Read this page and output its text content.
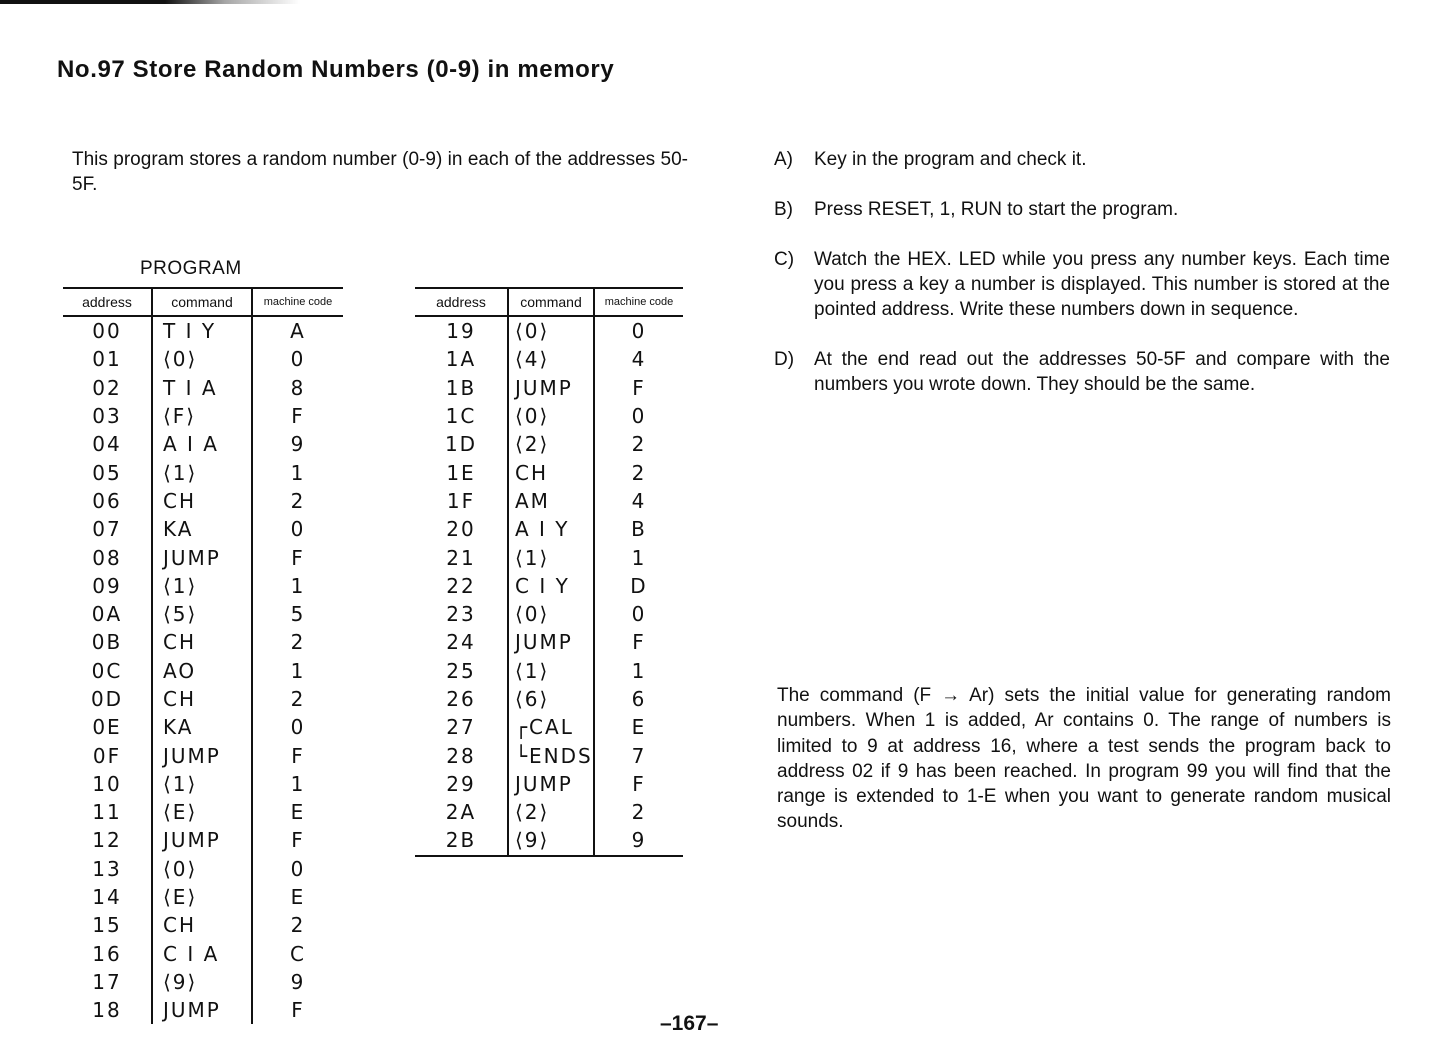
No.97 Store Random Numbers (0-9) in memory

This program stores a random number (0-9) in each of the addresses 50-5F.

PROGRAM
address	command	machine code
00	T I Y	A
01	⟨0⟩	0
02	T I A	8
03	⟨F⟩	F
04	A I A	9
05	⟨1⟩	1
06	CH	2
07	KA	0
08	JUMP	F
09	⟨1⟩	1
0A	⟨5⟩	5
0B	CH	2
0C	AO	1
0D	CH	2
0E	KA	0
0F	JUMP	F
10	⟨1⟩	1
11	⟨E⟩	E
12	JUMP	F
13	⟨0⟩	0
14	⟨E⟩	E
15	CH	2
16	C I A	C
17	⟨9⟩	9
18	JUMP	F
address	command	machine code
19	⟨0⟩	0
1A	⟨4⟩	4
1B	JUMP	F
1C	⟨0⟩	0
1D	⟨2⟩	2
1E	CH	2
1F	AM	4
20	A I Y	B
21	⟨1⟩	1
22	C I Y	D
23	⟨0⟩	0
24	JUMP	F
25	⟨1⟩	1
26	⟨6⟩	6
27	┌CAL	E
28	└ENDS	7
29	JUMP	F
2A	⟨2⟩	2
2B	⟨9⟩	9
A)	Key in the program and check it.
B)	Press RESET, 1, RUN to start the program.
C)	Watch the HEX. LED while you press any number keys. Each time you press a key a number is displayed. This number is stored at the pointed address. Write these numbers down in sequence.
D)	At the end read out the addresses 50-5F and compare with the numbers you wrote down. They should be the same.

The command (F → Ar) sets the initial value for generating random numbers. When 1 is added, Ar contains 0. The range of numbers is limited to 9 at address 16, where a test sends the program back to address 02 if 9 has been reached. In program 99 you will find that the range is extended to 1-E when you want to generate random musical sounds.

–167–
